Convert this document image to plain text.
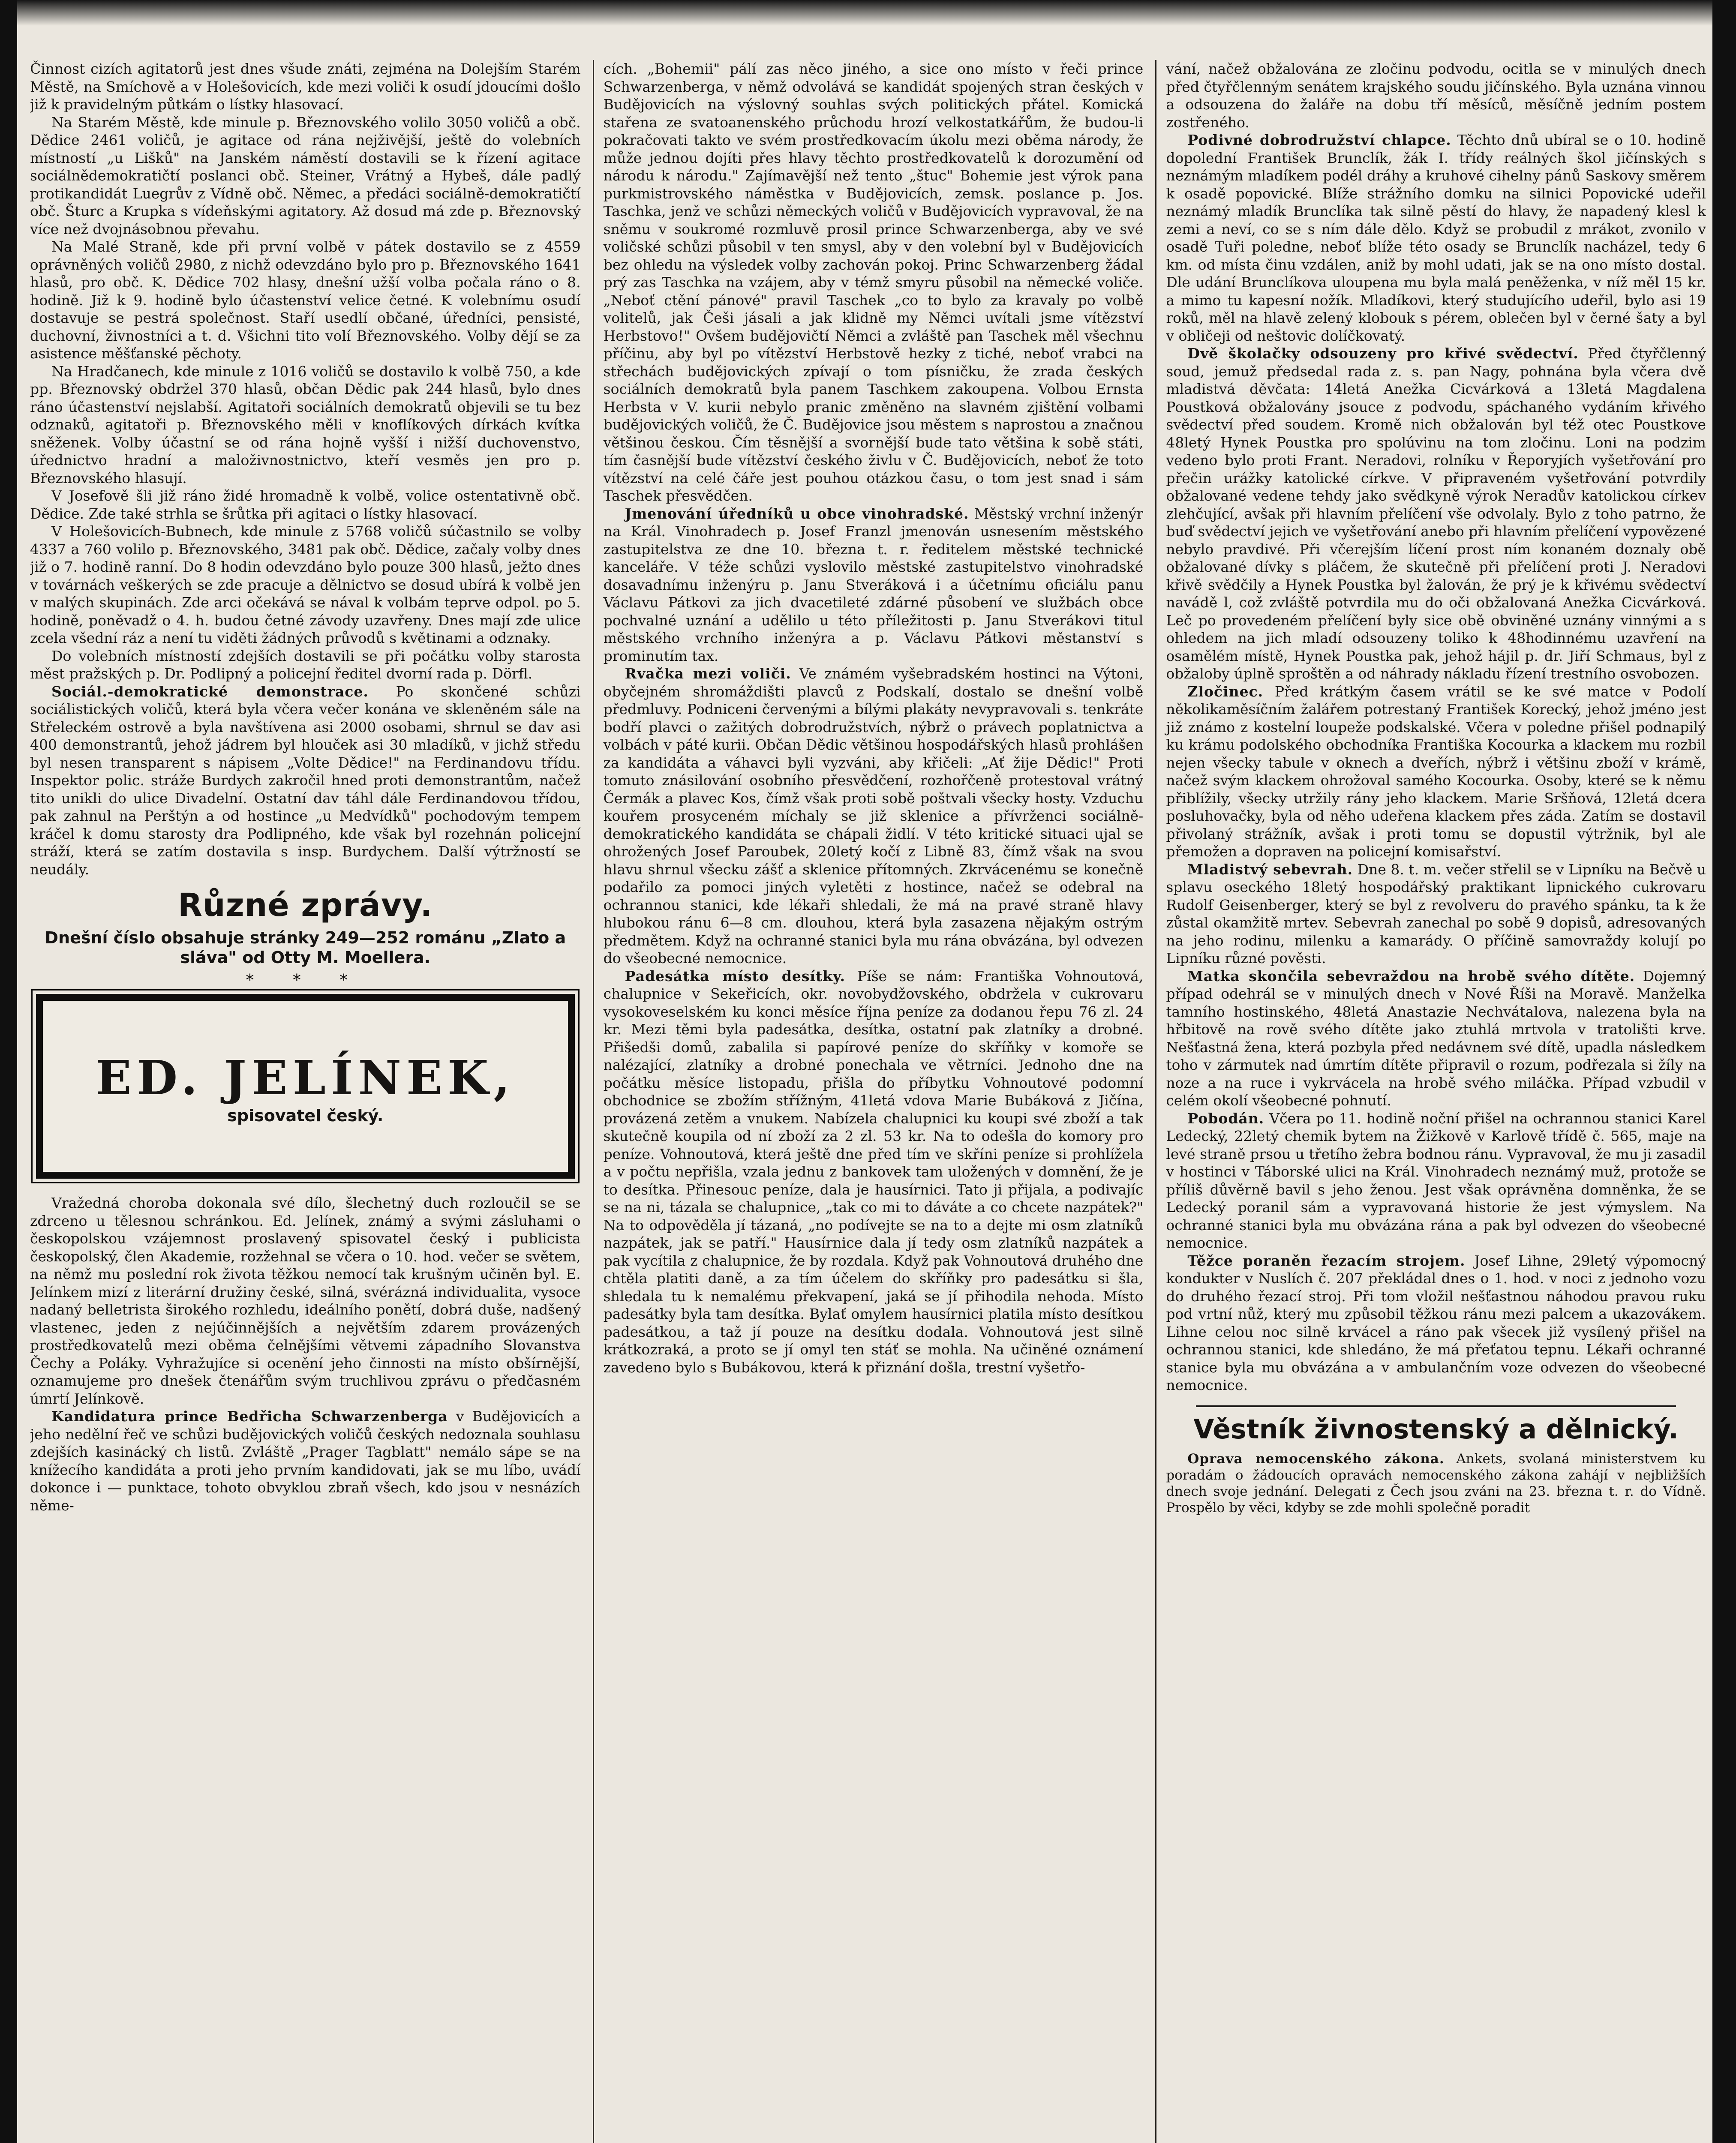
Činnost cizích agitatorů jest dnes všude znáti, zejména na Dolejším Starém Městě, na Smíchově a v Holešovicích, kde mezi voliči k osudí jdoucími došlo již k pravidelným půtkám o lístky hlasovací.

Na Starém Městě, kde minule p. Březnovského volilo 3050 voličů a obč. Dědice 2461 voličů, je agitace od rána nejživější, ještě do volebních místností „u Lišků" na Janském náměstí dostavili se k řízení agitace sociálnědemokratičtí poslanci obč. Steiner, Vrátný a Hybeš, dále padlý protikandidát Luegrův z Vídně obč. Němec, a předáci sociálně-demokratičtí obč. Šturc a Krupka s vídeňskými agitatory. Až dosud má zde p. Březnovský více než dvojnásobnou převahu.

Na Malé Straně, kde při první volbě v pátek dostavilo se z 4559 oprávněných voličů 2980, z nichž odevzdáno bylo pro p. Březnovského 1641 hlasů, pro obč. K. Dědice 702 hlasy, dnešní užší volba počala ráno o 8. hodině. Již k 9. hodině bylo účastenství velice četné. K volebnímu osudí dostavuje se pestrá společnost. Staří usedlí občané, úředníci, pensisté, duchovní, živnostníci a t. d. Všichni tito volí Březnovského. Volby dějí se za asistence měšťanské pěchoty.

Na Hradčanech, kde minule z 1016 voličů se dostavilo k volbě 750, a kde pp. Březnovský obdržel 370 hlasů, občan Dědic pak 244 hlasů, bylo dnes ráno účastenství nejslabší. Agitatoři sociálních demokratů objevili se tu bez odznaků, agitatoři p. Březnovského měli v knoflíkových dírkách kvítka sněženek. Volby účastní se od rána hojně vyšší i nižší duchovenstvo, úřednictvo hradní a maloživnostnictvo, kteří vesměs jen pro p. Březnovského hlasují.

V Josefově šli již ráno židé hromadně k volbě, volice ostentativně obč. Dědice. Zde také strhla se šrůtka při agitaci o lístky hlasovací.

V Holešovicích-Bubnech, kde minule z 5768 voličů súčastnilo se volby 4337 a 760 volilo p. Březnovského, 3481 pak obč. Dědice, začaly volby dnes již o 7. hodině ranní. Do 8 hodin odevzdáno bylo pouze 300 hlasů, ježto dnes v továrnách veškerých se zde pracuje a dělnictvo se dosud ubírá k volbě jen v malých skupinách. Zde arci očekává se nával k volbám teprve odpol. po 5. hodině, poněvadž o 4. h. budou četné závody uzavřeny. Dnes mají zde ulice zcela všední ráz a není tu viděti žádných průvodů s květinami a odznaky.

Do volebních místností zdejších dostavili se při počátku volby starosta měst pražských p. Dr. Podlipný a policejní ředitel dvorní rada p. Dörfl.

Sociál.-demokratické demonstrace. Po skončené schůzi sociálistických voličů, která byla včera večer konána ve skleněném sále na Střeleckém ostrově a byla navštívena asi 2000 osobami, shrnul se dav asi 400 demonstrantů, jehož jádrem byl hlouček asi 30 mladíků, v jichž středu byl nesen transparent s nápisem „Volte Dědice!" na Ferdinandovu třídu. Inspektor polic. stráže Burdych zakročil hned proti demonstrantům, načež tito unikli do ulice Divadelní. Ostatní dav táhl dále Ferdinandovou třídou, pak zahnul na Perštýn a od hostince „u Medvídků" pochodovým tempem kráčel k domu starosty dra Podlipného, kde však byl rozehnán policejní stráží, která se zatím dostavila s insp. Burdychem. Další výtržností se neudály.

Různé zprávy.
Dnešní číslo obsahuje stránky 249—252 románu „Zlato a sláva" od Otty M. Moellera.
* * *
ED. JELÍNEK,
spisovatel český.

Vražedná choroba dokonala své dílo, šlechetný duch rozloučil se se zdrceno u tělesnou schránkou. Ed. Jelínek, známý a svými zásluhami o českopolskou vzájemnost proslavený spisovatel český i publicista českopolský, člen Akademie, rozžehnal se včera o 10. hod. večer se světem, na němž mu poslední rok života těžkou nemocí tak krušným učiněn byl. E. Jelínkem mizí z literární družiny české, silná, svérázná individualita, vysoce nadaný belletrista širokého rozhledu, ideálního ponětí, dobrá duše, nadšený vlastenec, jeden z nejúčinnějších a největším zdarem provázených prostředkovatelů mezi oběma čelnějšími větvemi západního Slovanstva Čechy a Poláky. Vyhražujíce si ocenění jeho činnosti na místo obšírnější, oznamujeme pro dnešek čtenářům svým truchlivou zprávu o předčasném úmrtí Jelínkově.

Kandidatura prince Bedřicha Schwarzenberga v Budějovicích a jeho nedělní řeč ve schůzi budějovických voličů českých nedoznala souhlasu zdejších kasinácký ch listů. Zvláště „Prager Tagblatt" nemálo sápe se na knížecího kandidáta a proti jeho prvním kandidovati, jak se mu líbo, uvádí dokonce i — punktace, tohoto obvyklou zbraň všech, kdo jsou v nesnázích něme-

cích. „Bohemii" pálí zas něco jiného, a sice ono místo v řeči prince Schwarzenberga, v němž odvolává se kandidát spojených stran českých v Budějovicích na výslovný souhlas svých politických přátel. Komická stařena ze svatoanenského průchodu hrozí velkostatkářům, že budou-li pokračovati takto ve svém prostředkovacím úkolu mezi oběma národy, že může jednou dojíti přes hlavy těchto prostředkovatelů k dorozumění od národu k národu." Zajímavější než tento „štuc" Bohemie jest výrok pana purkmistrovského náměstka v Budějovicích, zemsk. poslance p. Jos. Taschka, jenž ve schůzi německých voličů v Budějovicích vypravoval, že na sněmu v soukromé rozmluvě prosil prince Schwarzenberga, aby ve své voličské schůzi působil v ten smysl, aby v den volební byl v Budějovicích bez ohledu na výsledek volby zachován pokoj. Princ Schwarzenberg žádal prý zas Taschka na vzájem, aby v témž smyru působil na německé voliče. „Neboť ctění pánové" pravil Taschek „co to bylo za kravaly po volbě volitelů, jak Češi jásali a jak klidně my Němci uvítali jsme vítězství Herbstovo!" Ovšem budějovičtí Němci a zvláště pan Taschek měl všechnu příčinu, aby byl po vítězství Herbstově hezky z tiché, neboť vrabci na střechách budějovických zpívají o tom písničku, že zrada českých sociálních demokratů byla panem Taschkem zakoupena. Volbou Ernsta Herbsta v V. kurii nebylo pranic změněno na slavném zjištění volbami budějovických voličů, že Č. Budějovice jsou městem s naprostou a značnou většinou českou. Čím těsnější a svornější bude tato většina k sobě státi, tím časnější bude vítězství českého živlu v Č. Budějovicích, neboť že toto vítězství na celé čáře jest pouhou otázkou času, o tom jest snad i sám Taschek přesvědčen.

Jmenování úředníků u obce vinohradské. Městský vrchní inženýr na Král. Vinohradech p. Josef Franzl jmenován usnesením městského zastupitelstva ze dne 10. března t. r. ředitelem městské technické kanceláře. V téže schůzi vyslovilo městské zastupitelstvo vinohradské dosavadnímu inženýru p. Janu Stveráková i a účetnímu oficiálu panu Václavu Pátkovi za jich dvacetileté zdárné působení ve službách obce pochvalné uznání a udělilo u této příležitosti p. Janu Stverákovi titul městského vrchního inženýra a p. Václavu Pátkovi městanství s prominutím tax.

Rvačka mezi voliči. Ve známém vyšebradském hostinci na Výtoni, obyčejném shromáždišti plavců z Podskalí, dostalo se dnešní volbě předmluvy. Podniceni červenými a bílými plakáty nevypravovali s. tenkráte bodří plavci o zažitých dobrodružstvích, nýbrž o právech poplatnictva a volbách v páté kurii. Občan Dědic většinou hospodářských hlasů prohlášen za kandidáta a váhavci byli vyzváni, aby křičeli: „Ať žije Dědic!" Proti tomuto znásilování osobního přesvědčení, rozhořčeně protestoval vrátný Čermák a plavec Kos, čímž však proti sobě poštvali všecky hosty. Vzduchu kouřem prosyceném míchaly se již sklenice a přívrženci sociálně-demokratického kandidáta se chápali židlí. V této kritické situaci ujal se ohrožených Josef Paroubek, 20letý kočí z Libně 83, čímž však na svou hlavu shrnul všecku zášť a sklenice přítomných. Zkrvácenému se konečně podařilo za pomoci jiných vyletěti z hostince, načež se odebral na ochrannou stanici, kde lékaři shledali, že má na pravé straně hlavy hlubokou ránu 6—8 cm. dlouhou, která byla zasazena nějakým ostrým předmětem. Když na ochranné stanici byla mu rána obvázána, byl odvezen do všeobecné nemocnice.

Padesátka místo desítky. Píše se nám: Františka Vohnoutová, chalupnice v Sekeřicích, okr. novobydžovského, obdržela v cukrovaru vysokoveselském ku konci měsíce října peníze za dodanou řepu 76 zl. 24 kr. Mezi těmi byla padesátka, desítka, ostatní pak zlatníky a drobné. Přišedši domů, zabalila si papírové peníze do skříňky v komoře se nalézající, zlatníky a drobné ponechala ve větrníci. Jednoho dne na počátku měsíce listopadu, přišla do příbytku Vohnoutové podomní obchodnice se zbožím střížným, 41letá vdova Marie Bubáková z Jičína, provázená zetěm a vnukem. Nabízela chalupnici ku koupi své zboží a tak skutečně koupila od ní zboží za 2 zl. 53 kr. Na to odešla do komory pro peníze. Vohnoutová, která ještě dne před tím ve skříni peníze si prohlížela a v počtu nepřišla, vzala jednu z bankovek tam uložených v domnění, že je to desítka. Přinesouc peníze, dala je hausírnici. Tato ji přijala, a podivajíc se na ni, tázala se chalupnice, „tak co mi to dáváte a co chcete nazpátek?" Na to odpověděla jí tázaná, „no podívejte se na to a dejte mi osm zlatníků nazpátek, jak se patří." Hausírnice dala jí tedy osm zlatníků nazpátek a pak vycítila z chalupnice, že by rozdala. Když pak Vohnoutová druhého dne chtěla platiti daně, a za tím účelem do skříňky pro padesátku si šla, shledala tu k nemalému překvapení, jaká se jí přihodila nehoda. Místo padesátky byla tam desítka. Bylať omylem hausírnici platila místo desítkou padesátkou, a taž jí pouze na desítku dodala. Vohnoutová jest silně krátkozraká, a proto se jí omyl ten stáť se mohla. Na učiněné oznámení zavedeno bylo s Bubákovou, která k přiznání došla, trestní vyšetřo-

vání, načež obžalována ze zločinu podvodu, ocitla se v minulých dnech před čtyřčlenným senátem krajského soudu jičínského. Byla uznána vinnou a odsouzena do žaláře na dobu tří měsíců, měsíčně jedním postem zostřeného.

Podivné dobrodružství chlapce. Těchto dnů ubíral se o 10. hodině dopolední František Brunclík, žák I. třídy reálných škol jičínských s neznámým mladíkem podél dráhy a kruhové cihelny pánů Saskovy směrem k osadě popovické. Blíže strážního domku na silnici Popovické udeřil neznámý mladík Brunclíka tak silně pěstí do hlavy, že napadený klesl k zemi a neví, co se s ním dále dělo. Když se probudil z mrákot, zvonilo v osadě Tuři poledne, neboť blíže této osady se Brunclík nacházel, tedy 6 km. od místa činu vzdálen, aniž by mohl udati, jak se na ono místo dostal. Dle udání Brunclíkova uloupena mu byla malá peněženka, v níž měl 15 kr. a mimo tu kapesní nožík. Mladíkovi, který studujícího udeřil, bylo asi 19 roků, měl na hlavě zelený klobouk s pérem, oblečen byl v černé šaty a byl v obličeji od neštovic dolíčkovatý.

Dvě školačky odsouzeny pro křivé svědectví. Před čtyřčlenný soud, jemuž předsedal rada z. s. pan Nagy, pohnána byla včera dvě mladistvá děvčata: 14letá Anežka Cicvárková a 13letá Magdalena Poustková obžalovány jsouce z podvodu, spáchaného vydáním křivého svědectví před soudem. Kromě nich obžalován byl též otec Poustkove 48letý Hynek Poustka pro spolúvinu na tom zločinu. Loni na podzim vedeno bylo proti Frant. Neradovi, rolníku v Řeporyjích vyšetřování pro přečin urážky katolické církve. V připraveném vyšetřování potvrdily obžalované vedene tehdy jako svědkyně výrok Neradův katolickou církev zlehčující, avšak při hlavním přelíčení vše odvolaly. Bylo z toho patrno, že buď svědectví jejich ve vyšetřování anebo při hlavním přelíčení vypovězené nebylo pravdivé. Při včerejším líčení prost ním konaném doznaly obě obžalované dívky s pláčem, že skutečně při přelíčení proti J. Neradovi křivě svědčily a Hynek Poustka byl žalován, že prý je k křivému svědectví navádě l, což zvláště potvrdila mu do oči obžalovaná Anežka Cicvárková. Leč po provedeném přelíčení byly sice obě obviněné uznány vinnými a s ohledem na jich mladí odsouzeny toliko k 48hodinnému uzavření na osamělém místě, Hynek Poustka pak, jehož hájil p. dr. Jiří Schmaus, byl z obžaloby úplně sproštěn a od náhrady nákladu řízení trestního osvobozen.

Zločinec. Před krátkým časem vrátil se ke své matce v Podolí několikaměsíčním žalářem potrestaný František Korecký, jehož jméno jest již známo z kostelní loupeže podskalské. Včera v poledne přišel podnapilý ku krámu podolského obchodníka Františka Kocourka a klackem mu rozbil nejen všecky tabule v oknech a dveřích, nýbrž i většinu zboží v krámě, načež svým klackem ohrožoval samého Kocourka. Osoby, které se k němu přiblížily, všecky utržily rány jeho klackem. Marie Sršňová, 12letá dcera posluhovačky, byla od něho udeřena klackem přes záda. Zatím se dostavil přivolaný strážník, avšak i proti tomu se dopustil výtržnik, byl ale přemožen a dopraven na policejní komisařství.

Mladistvý sebevrah. Dne 8. t. m. večer střelil se v Lipníku na Bečvě u splavu oseckého 18letý hospodářský praktikant lipnického cukrovaru Rudolf Geisenberger, který se byl z revolveru do pravého spánku, ta k že zůstal okamžitě mrtev. Sebevrah zanechal po sobě 9 dopisů, adresovaných na jeho rodinu, milenku a kamarády. O příčině samovraždy kolují po Lipníku různé pověsti.

Matka skončila sebevraždou na hrobě svého dítěte. Dojemný případ odehrál se v minulých dnech v Nové Říši na Moravě. Manželka tamního hostinského, 48letá Anastazie Nechvátalova, nalezena byla na hřbitově na rově svého dítěte jako ztuhlá mrtvola v tratolišti krve. Nešťastná žena, která pozbyla před nedávnem své dítě, upadla následkem toho v zármutek nad úmrtím dítěte připravil o rozum, podřezala si žíly na noze a na ruce i vykrvácela na hrobě svého miláčka. Případ vzbudil v celém okolí všeobecné pohnutí.

Pobodán. Včera po 11. hodině noční přišel na ochrannou stanici Karel Ledecký, 22letý chemik bytem na Žižkově v Karlově třídě č. 565, maje na levé straně prsou u třetího žebra bodnou ránu. Vypravoval, že mu ji zasadil v hostinci v Táborské ulici na Král. Vinohradech neznámý muž, protože se příliš důvěrně bavil s jeho ženou. Jest však oprávněna domněnka, že se Ledecký poranil sám a vypravovaná historie že jest výmyslem. Na ochranné stanici byla mu obvázána rána a pak byl odvezen do všeobecné nemocnice.

Těžce poraněn řezacím strojem. Josef Lihne, 29letý výpomocný kondukter v Nuslích č. 207 překládal dnes o 1. hod. v noci z jednoho vozu do druhého řezací stroj. Při tom vložil nešťastnou náhodou pravou ruku pod vrtní nůž, který mu způsobil těžkou ránu mezi palcem a ukazovákem. Lihne celou noc silně krvácel a ráno pak všecek již vysílený přišel na ochrannou stanici, kde shledáno, že má přeťatou tepnu. Lékaři ochranné stanice byla mu obvázána a v ambulančním voze odvezen do všeobecné nemocnice.

Věstník živnostenský a dělnický.

Oprava nemocenského zákona. Ankets, svolaná ministerstvem ku poradám o žádoucích opravách nemocenského zákona zahájí v nejbližších dnech svoje jednání. Delegati z Čech jsou zváni na 23. března t. r. do Vídně. Prospělo by věci, kdyby se zde mohli společně poradit
